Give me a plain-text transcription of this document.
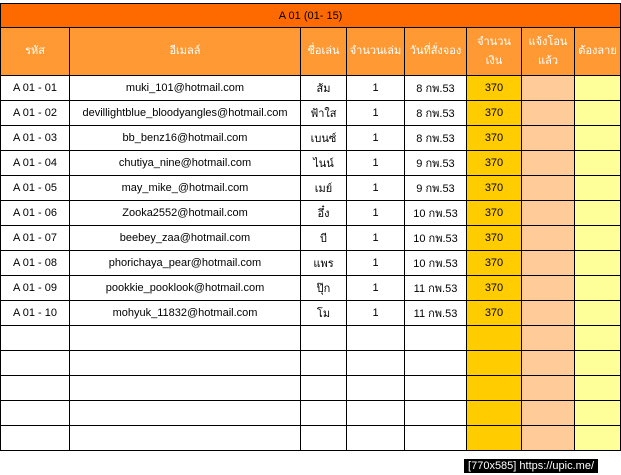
A 01 (01- 15)							
รหัส	อีเมลล์	ชื่อเล่น	จำนวนเล่ม	วันที่สั่งจอง	จำนวนเงิน	แจ้งโอนแล้ว	ต้องลาย
A 01 - 01	muki_101@hotmail.com	ส้ม	1	8 กพ.53	370		
A 01 - 02	devillightblue_bloodyangles@hotmail.com	ฟ้าใส	1	8 กพ.53	370		
A 01 - 03	bb_benz16@hotmail.com	เบนซ์	1	8 กพ.53	370		
A 01 - 04	chutiya_nine@hotmail.com	ไนน์	1	9 กพ.53	370		
A 01 - 05	may_mike_@hotmail.com	เมย์	1	9 กพ.53	370		
A 01 - 06	Zooka2552@hotmail.com	อึ๋ง	1	10 กพ.53	370		
A 01 - 07	beebey_zaa@hotmail.com	บี	1	10 กพ.53	370		
A 01 - 08	phorichaya_pear@hotmail.com	แพร	1	10 กพ.53	370		
A 01 - 09	pookkie_pooklook@hotmail.com	ปุ๊ก	1	11 กพ.53	370		
A 01 - 10	mohyuk_11832@hotmail.com	โม	1	11 กพ.53	370		

[770x585] https://upic.me/
